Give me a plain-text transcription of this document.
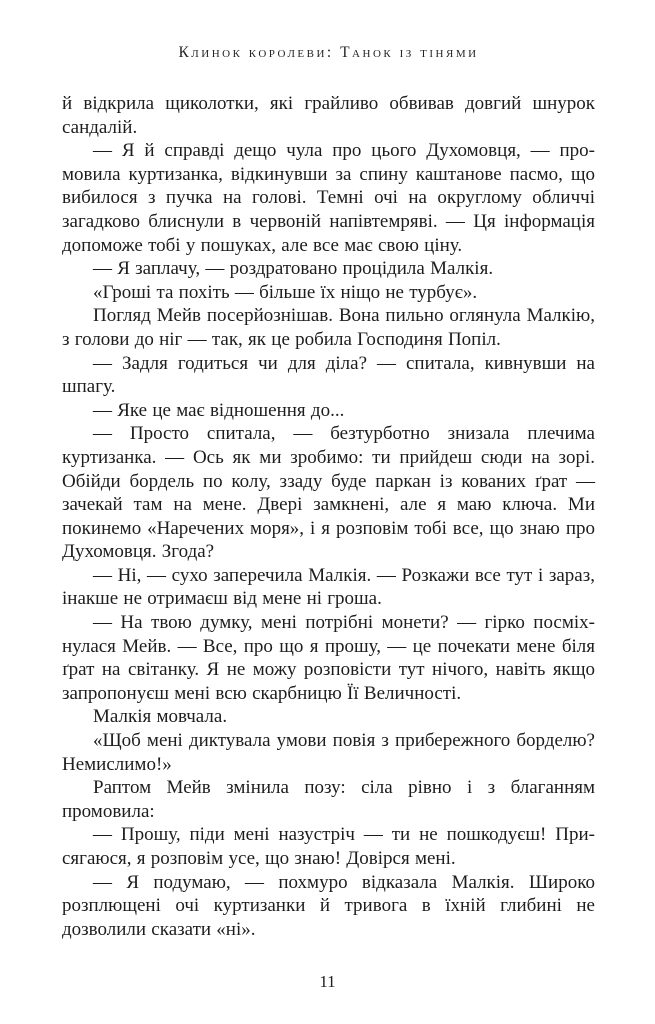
Клинок королеви: Танок із тінями

й відкрила щиколотки, які грайливо обвивав довгий шнурок сандалій.

— Я й справді дещо чула про цього Духомовця, — промовила куртизанка, відкинувши за спину каштанове пасмо, що вибилося з пучка на голові. Темні очі на округлому обличчі загадково блиснули в червоній напівтемряві. — Ця інформація допоможе тобі у пошуках, але все має свою ціну.

— Я заплачу, — роздратовано процідила Малкія.

«Гроші та похіть — більше їх ніщо не турбує».

Погляд Мейв посерйознішав. Вона пильно оглянула Малкію, з голови до ніг — так, як це робила Господиня Попіл.

— Задля годиться чи для діла? — спитала, кивнувши на шпагу.

— Яке це має відношення до...

— Просто спитала, — безтурботно знизала плечима куртизанка. — Ось як ми зробимо: ти прийдеш сюди на зорі. Обійди бордель по колу, ззаду буде паркан із кованих ґрат — зачекай там на мене. Двері замкнені, але я маю ключа. Ми покинемо «Наречених моря», і я розповім тобі все, що знаю про Духомовця. Згода?

— Ні, — сухо заперечила Малкія. — Розкажи все тут і зараз, інакше не отримаєш від мене ні гроша.

— На твою думку, мені потрібні монети? — гірко посміхнулася Мейв. — Все, про що я прошу, — це почекати мене біля ґрат на світанку. Я не можу розповісти тут нічого, навіть якщо запропонуєш мені всю скарбницю Її Величності.

Малкія мовчала.

«Щоб мені диктувала умови повія з прибережного борделю? Немислимо!»

Раптом Мейв змінила позу: сіла рівно і з благанням промовила:

— Прошу, піди мені назустріч — ти не пошкодуєш! Присягаюся, я розповім усе, що знаю! Довірся мені.

— Я подумаю, — похмуро відказала Малкія. Широко розплющені очі куртизанки й тривога в їхній глибині не дозволили сказати «ні».

11
